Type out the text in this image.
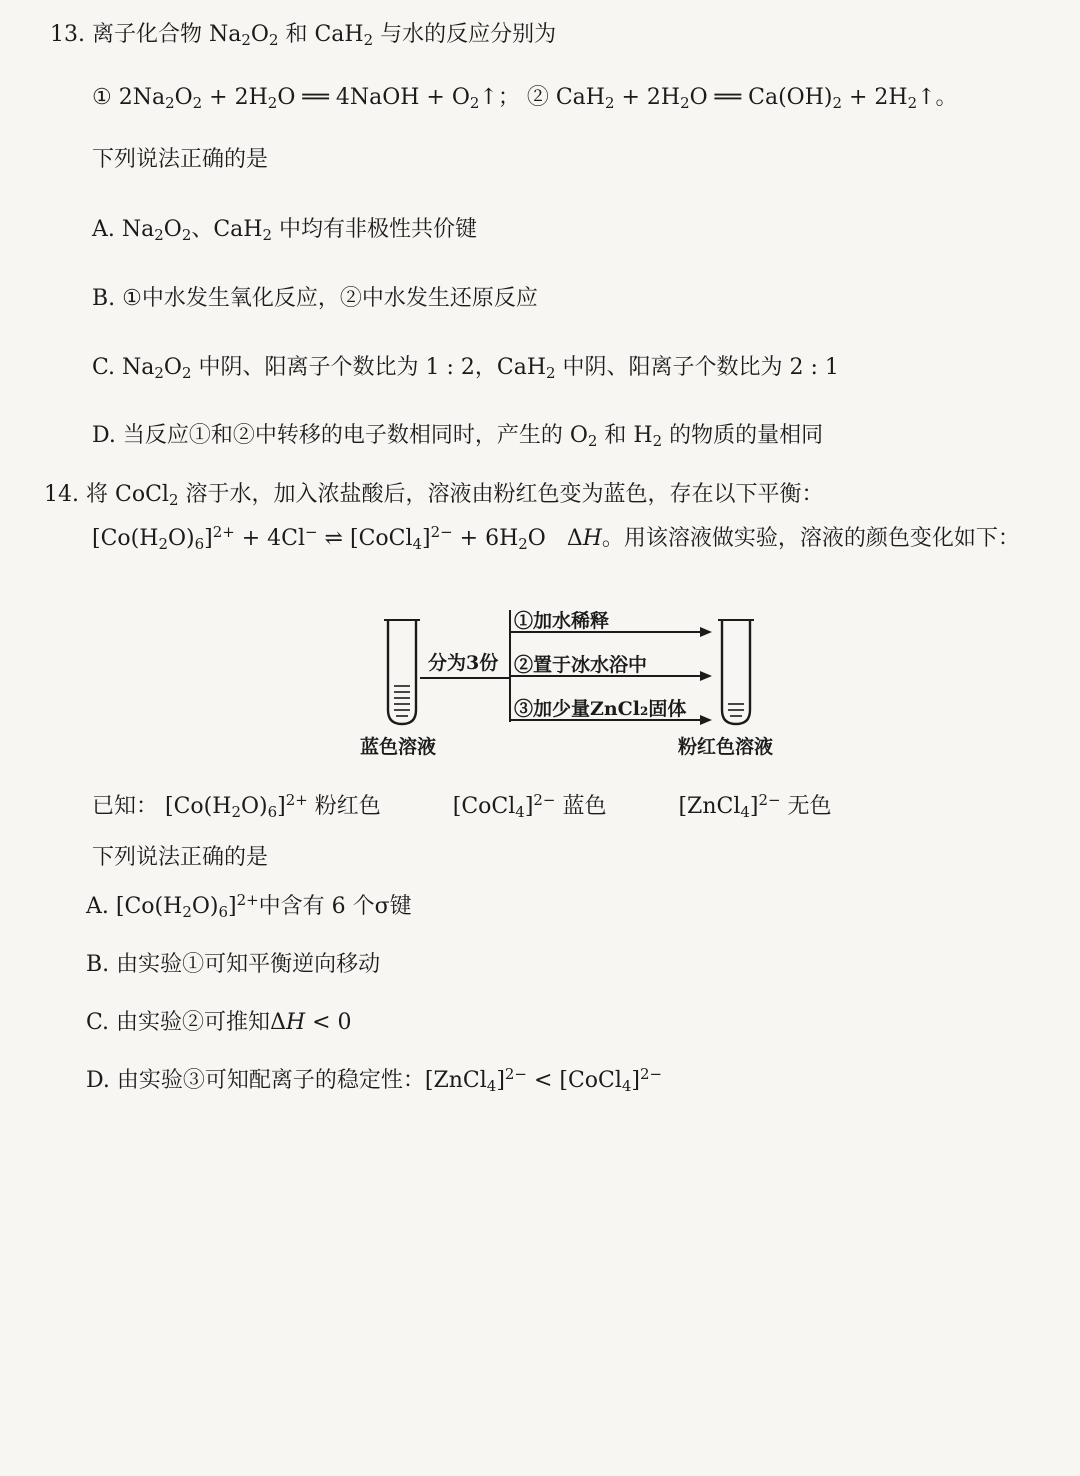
13. 离子化合物 $Na_2O_2$ 和 CaH$_2$ 与水的反应分别为
① $2Na_2O_2 + 2H_2O$ ══ 4NaOH + $O_2↑$； ② $CaH_2 + 2H_2O$ ══ $Ca(OH)_2$ + $2H_2↑$。
下列说法正确的是
A. $Na_2O_2$、CaH$_2$ 中均有非极性共价键
B. ①中水发生氧化反应，②中水发生还原反应
C. $Na_2O_2$ 中阴、阳离子个数比为 1 : 2，CaH$_2$ 中阴、阳离子个数比为 2 : 1
D. 当反应①和②中转移的电子数相同时，产生的 $O_2$ 和 $H_2$ 的物质的量相同
14. 将 CoCl$_2$ 溶于水，加入浓盐酸后，溶液由粉红色变为蓝色，存在以下平衡：
$[Co(H_2O)_6]^{2+} + 4Cl^-$ ⇌ [CoCl$_4$]$^{2-}$ + $6H_2O$   ΔH。用该溶液做实验，溶液的颜色变化如下：
分为3份
①加水稀释
②置于冰水浴中
③加少量ZnCl₂固体
蓝色溶液	粉红色溶液
已知： $[Co(H_2O)_6]^{2+}$ 粉红色	[CoCl$_4$]$^{2-}$ 蓝色	[ZnCl$_4$]$^{2-}$ 无色
下列说法正确的是
A. $[Co(H_2O)_6]^{2+}$中含有 6 个σ键
B. 由实验①可知平衡逆向移动
C. 由实验②可推知ΔH < 0
D. 由实验③可知配离子的稳定性：[ZnCl$_4$]$^{2-}$ < [CoCl$_4$]$^{2-}$
